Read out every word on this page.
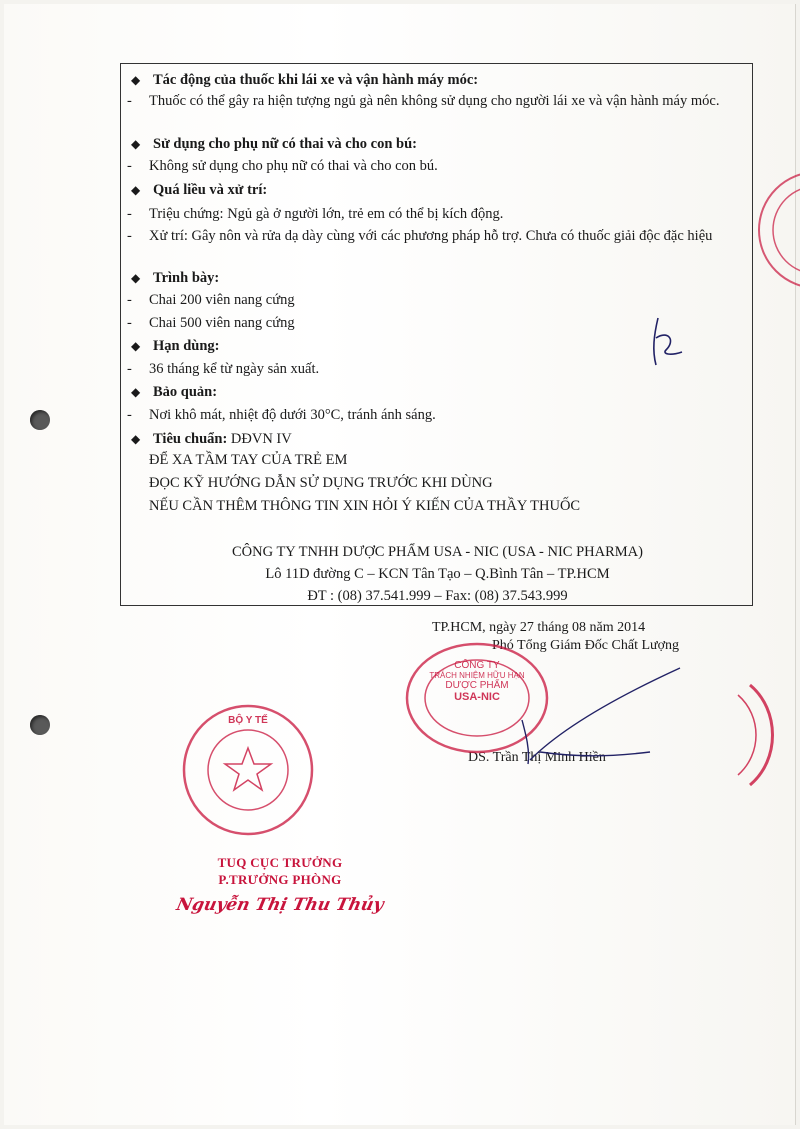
◆ Tác động của thuốc khi lái xe và vận hành máy móc:
- Thuốc có thể gây ra hiện tượng ngủ gà nên không sử dụng cho người lái xe và vận hành máy móc.
◆ Sử dụng cho phụ nữ có thai và cho con bú:
- Không sử dụng cho phụ nữ có thai và cho con bú.
◆ Quá liều và xử trí:
- Triệu chứng: Ngủ gà ở người lớn, trẻ em có thể bị kích động.
- Xử trí: Gây nôn và rửa dạ dày cùng với các phương pháp hỗ trợ. Chưa có thuốc giải độc đặc hiệu
◆ Trình bày:
- Chai 200 viên nang cứng
- Chai 500 viên nang cứng
◆ Hạn dùng:
- 36 tháng kể từ ngày sản xuất.
◆ Bảo quản:
- Nơi khô mát, nhiệt độ dưới 30°C, tránh ánh sáng.
◆ Tiêu chuẩn: DĐVN IV
ĐỂ XA TẦM TAY CỦA TRẺ EM
ĐỌC KỸ HƯỚNG DẪN SỬ DỤNG TRƯỚC KHI DÙNG
NẾU CẦN THÊM THÔNG TIN XIN HỎI Ý KIẾN CỦA THẦY THUỐC
CÔNG TY TNHH DƯỢC PHẨM USA - NIC (USA - NIC PHARMA)
Lô 11D đường C – KCN Tân Tạo – Q.Bình Tân – TP.HCM
ĐT : (08) 37.541.999 – Fax: (08) 37.543.999
TP.HCM, ngày 27 tháng 08 năm 2014
Phó Tổng Giám Đốc Chất Lượng
DS. Trần Thị Minh Hiền
CÔNG TY
TRÁCH NHIỆM HỮU HẠN
DƯỢC PHẨM
USA-NIC
BỘ Y TẾ
TUQ CỤC TRƯỞNG
P.TRƯỞNG PHÒNG
Nguyễn Thị Thu Thủy
